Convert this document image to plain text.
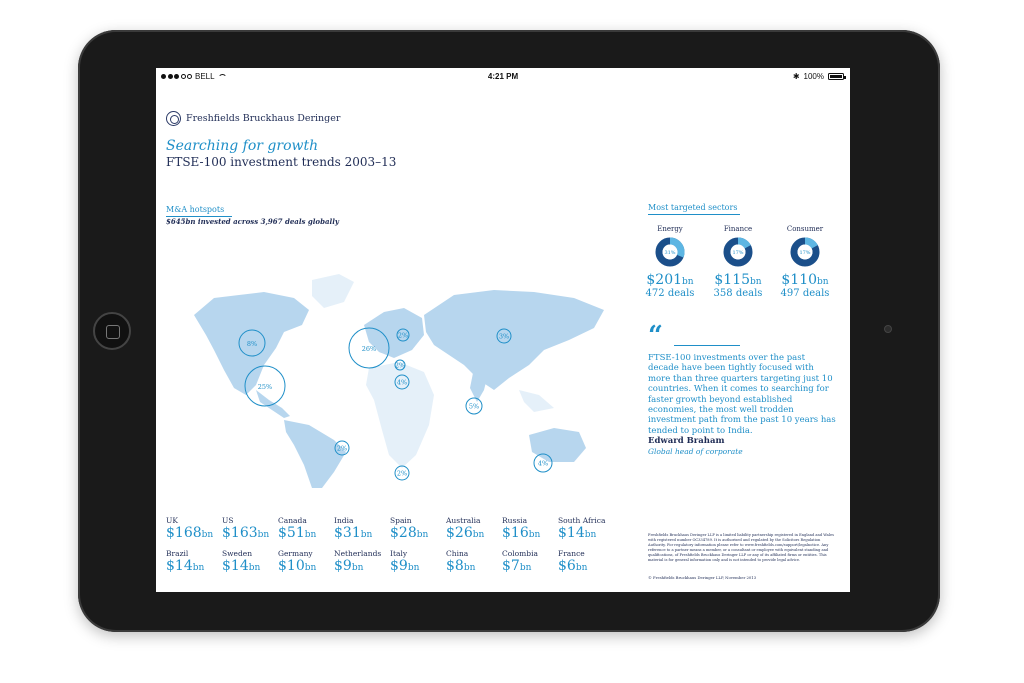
BELL	4:21 PM	✱ 100%
Freshfields Bruckhaus Deringer
Searching for growth
FTSE-100 investment trends 2003–13
M&A hotspots
$645bn invested across 3,967 deals globally
8%
25%
26%
3%
4%
2%
5%
2%
2%
4%
2%
UK
$168bn
US
$163bn
Canada
$51bn
India
$31bn
Spain
$28bn
Australia
$26bn
Russia
$16bn
South Africa
$14bn
Brazil
$14bn
Sweden
$14bn
Germany
$10bn
Netherlands
$9bn
Italy
$9bn
China
$8bn
Colombia
$7bn
France
$6bn
Most targeted sectors
Energy
31%
$201bn
472 deals
Finance
17%
$115bn
358 deals
Consumer
17%
$110bn
497 deals
“
FTSE-100 investments over the past decade have been tightly focused with more than three quarters targeting just 10 countries. When it comes to searching for faster growth beyond established economies, the most well trodden investment path from the past 10 years has tended to point to India.
Edward Braham
Global head of corporate
Freshfields Bruckhaus Deringer LLP is a limited liability partnership registered in England and Wales with registered number OC334789. It is authorised and regulated by the Solicitors Regulation Authority. For regulatory information please refer to www.freshfields.com/support/legalnotice. Any reference to a partner means a member, or a consultant or employee with equivalent standing and qualifications, of Freshfields Bruckhaus Deringer LLP or any of its affiliated firms or entities. This material is for general information only and is not intended to provide legal advice.
© Freshfields Bruckhaus Deringer LLP, November 2013
